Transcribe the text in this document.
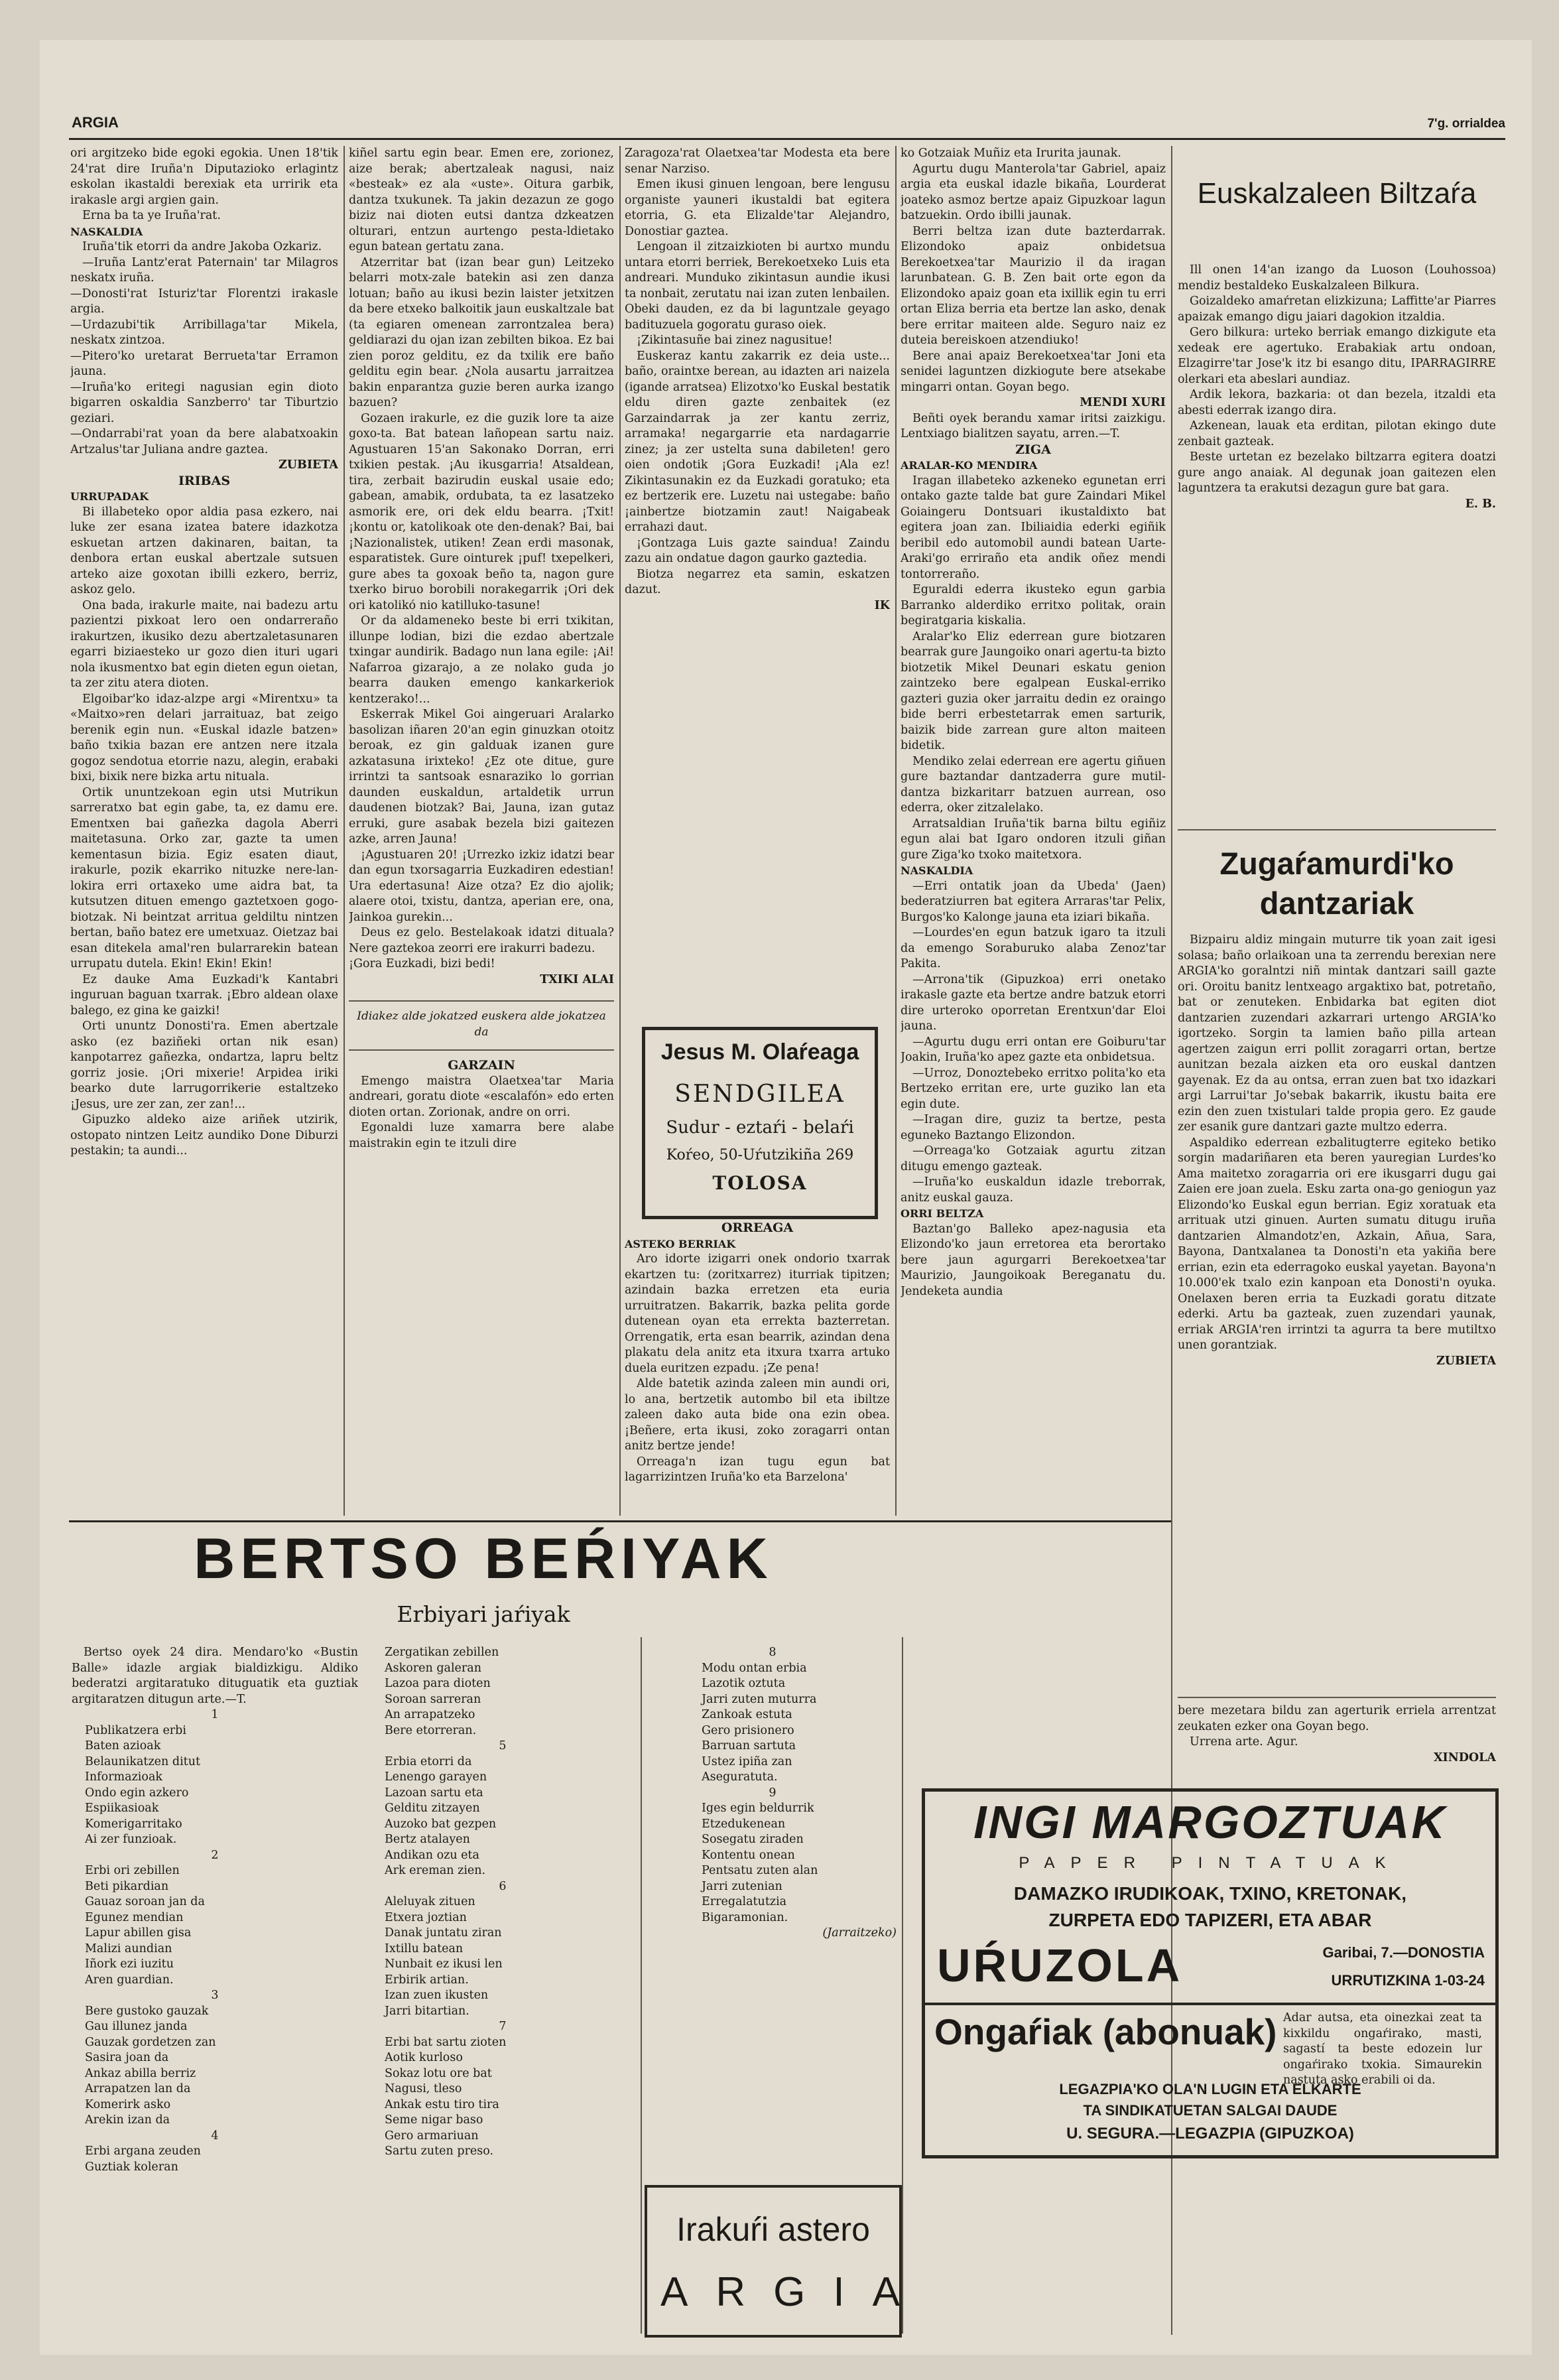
ARGIA	7'g. orrialdea

ori argitzeko bide egoki egokia. Unen 18'tik 24'rat dire Iruña'n Diputazioko erlagintz eskolan ikastaldi berexiak eta urririk eta irakasle argi argien gain.

Erna ba ta ye Iruña'rat.

NASKALDIA

Iruña'tik etorri da andre Jakoba Ozkariz.

—Iruña Lantz'erat Paternain' tar Milagros neskatx iruña.
—Donosti'rat Isturiz'tar Florentzi irakasle argia.
—Urdazubi'tik Arribillaga'tar Mikela, neskatx zintzoa.
—Pitero'ko uretarat Berrueta'tar Erramon jauna.
—Iruña'ko eritegi nagusian egin dioto bigarren oskaldia Sanzberro' tar Tiburtzio geziari.
—Ondarrabi'rat yoan da bere alabatxoakin Artzalus'tar Juliana andre gaztea.

ZUBIETA

IRIBAS

URRUPADAK

Bi illabeteko opor aldia pasa ezkero, nai luke zer esana izatea batere idazkotza eskuetan artzen dakinaren, baitan, ta denbora ertan euskal abertzale sutsuen arteko aize goxotan ibilli ezkero, berriz, askoz gelo.

Ona bada, irakurle maite, nai badezu artu pazientzi pixkoat lero oen ondarreraño irakurtzen, ikusiko dezu abertzaletasunaren egarri biziaesteko ur gozo dien ituri ugari nola ikusmentxo bat egin dieten egun oietan, ta zer zitu atera dioten.

Elgoibar'ko idaz-alzpe argi «Mirentxu» ta «Maitxo»ren delari jarraituaz, bat zeigo berenik egin nun. «Euskal idazle batzen» baño txikia bazan ere antzen nere itzala gogoz sendotua etorrie nazu, alegin, erabaki bixi, bixik nere bizka artu nituala.

Ortik ununtzekoan egin utsi Mutrikun sarreratxo bat egin gabe, ta, ez damu ere. Ementxen bai gañezka dagola Aberri maitetasuna. Orko zar, gazte ta umen kementasun bizia. Egiz esaten diaut, irakurle, pozik ekarriko nituzke nere-lan-lokira erri ortaxeko ume aidra bat, ta kutsutzen dituen emengo gaztetxoen gogo-biotzak. Ni beintzat arritua geldiltu nintzen bertan, baño batez ere umetxuaz. Oietzaz bai esan ditekela amal'ren bularrarekin batean urrupatu dutela. Ekin! Ekin! Ekin!

Ez dauke Ama Euzkadi'k Kantabri inguruan baguan txarrak. ¡Ebro aldean olaxe balego, ez gina ke gaizki!

Orti ununtz Donosti'ra. Emen abertzale asko (ez baziñeki ortan nik esan) kanpotarrez gañezka, ondartza, lapru beltz gorriz josie. ¡Ori mixerie! Arpidea iriki bearko dute larrugorrikerie estaltzeko ¡Jesus, ure zer zan, zer zan!...

Gipuzko aldeko aize ariñek utzirik, ostopato nintzen Leitz aundiko Done Diburzi pestakin; ta aundi...

kiñel sartu egin bear. Emen ere, zorionez, aize berak; abertzaleak nagusi, naiz «besteak» ez ala «uste». Oitura garbik, dantza txukunek. Ta jakin dezazun ze gogo biziz nai dioten eutsi dantza dzkeatzen olturari, entzun aurtengo pesta-ldietako egun batean gertatu zana.

Atzerritar bat (izan bear gun) Leitzeko belarri motx-zale batekin asi zen danza lotuan; baño au ikusi bezin laister jetxitzen da bere etxeko balkoitik jaun euskaltzale bat (ta egiaren omenean zarrontzalea bera) geldiarazi du ojan izan zebilten bikoa. Ez bai zien poroz gelditu, ez da txilik ere baño gelditu egin bear. ¿Nola ausartu jarraitzea bakin enparantza guzie beren aurka izango bazuen?

Gozaen irakurle, ez die guzik lore ta aize goxo-ta. Bat batean lañopean sartu naiz. Agustuaren 15'an Sakonako Dorran, erri txikien pestak. ¡Au ikusgarria! Atsaldean, tira, zerbait bazirudin euskal usaie edo; gabean, amabik, ordubata, ta ez lasatzeko asmorik ere, ori dek eldu bearra. ¡Txit! ¡kontu or, katolikoak ote den-denak? Bai, bai ¡Nazionalistek, utiken! Zean erdi masonak, esparatistek. Gure ointurek ¡puf! txepelkeri, gure abes ta goxoak beño ta, nagon gure txerko biruo borobili norakegarrik ¡Ori dek ori katolikó nio katilluko-tasune!

Or da aldameneko beste bi erri txikitan, illunpe lodian, bizi die ezdao abertzale txingar aundirik. Badago nun lana egile: ¡Ai! Nafarroa gizarajo, a ze nolako guda jo bearra dauken emengo kankarkeriok kentzerako!...

Eskerrak Mikel Goi aingeruari Aralarko basolizan iñaren 20'an egin ginuzkan otoitz beroak, ez gin galduak izanen gure azkatasuna irixteko! ¿Ez ote ditue, gure irrintzi ta santsoak esnaraziko lo gorrian daunden euskaldun, artaldetik urrun daudenen biotzak? Bai, Jauna, izan gutaz erruki, gure asabak bezela bizi gaitezen azke, arren Jauna!

¡Agustuaren 20! ¡Urrezko izkiz idatzi bear dan egun txorsagarria Euzkadiren edestian! Ura edertasuna! Aize otza? Ez dio ajolik; alaere otoi, txistu, dantza, aperian ere, ona, Jainkoa gurekin...

Deus ez gelo. Bestelakoak idatzi dituala? Nere gaztekoa zeorri ere irakurri badezu.
¡Gora Euzkadi, bizi bedi!

TXIKI ALAI

Idiakez alde jokatzed euskera alde jokatzea da

GARZAIN

Emengo maistra Olaetxea'tar Maria andreari, goratu diote «escalafón» edo erten dioten ortan. Zorionak, andre on orri.

Egonaldi luze xamarra bere alabe maistrakin egin te itzuli dire

Zaragoza'rat Olaetxea'tar Modesta eta bere senar Narziso.

Emen ikusi ginuen lengoan, bere lengusu organiste yauneri ikustaldi bat egitera etorria, G. eta Elizalde'tar Alejandro, Donostiar gaztea.

Lengoan il zitzaizkioten bi aurtxo mundu untara etorri berriek, Berekoetxeko Luis eta andreari. Munduko zikintasun aundie ikusi ta nonbait, zerutatu nai izan zuten lenbailen. Obeki dauden, ez da bi laguntzale geyago badituzuela gogoratu guraso oiek.

¡Zikintasuñe bai zinez nagusitue!

Euskeraz kantu zakarrik ez deia uste... baño, oraintxe berean, au idazten ari naizela (igande arratsea) Elizotxo'ko Euskal bestatik eldu diren gazte zenbaitek (ez Garzaindarrak ja zer kantu zerriz, arramaka! negargarrie eta nardagarrie zinez; ja zer ustelta suna dabileten! gero oien ondotik ¡Gora Euzkadi! ¡Ala ez! Zikintasunakin ez da Euzkadi goratuko; eta ez bertzerik ere. Luzetu nai ustegabe: baño ¡ainbertze biotzamin zaut! Naigabeak errahazi daut.

¡Gontzaga Luis gazte saindua! Zaindu zazu ain ondatue dagon gaurko gaztedia.

Biotza negarrez eta samin, eskatzen dazut.

IK

Jesus M. Olaŕeaga
SENDGILEA
Sudur - eztaŕi - belaŕi
Koŕeo, 50-Uŕutzikiña 269
TOLOSA

ORREAGA

ASTEKO BERRIAK

Aro idorte izigarri onek ondorio txarrak ekartzen tu: (zoritxarrez) iturriak tipitzen; azindain bazka erretzen eta euria urruitratzen. Bakarrik, bazka pelita gorde dutenean oyan eta errekta bazterretan. Orrengatik, erta esan bearrik, azindan dena plakatu dela anitz eta itxura txarra artuko duela euritzen ezpadu. ¡Ze pena!

Alde batetik azinda zaleen min aundi ori, lo ana, bertzetik autombo bil eta ibiltze zaleen dako auta bide ona ezin obea. ¡Beñere, erta ikusi, zoko zoragarri ontan anitz bertze jende!

Orreaga'n izan tugu egun bat lagarrizintzen Iruña'ko eta Barzelona'

ko Gotzaiak Muñiz eta Irurita jaunak.

Agurtu dugu Manterola'tar Gabriel, apaiz argia eta euskal idazle bikaña, Lourderat joateko asmoz bertze apaiz Gipuzkoar lagun batzuekin. Ordo ibilli jaunak.

Berri beltza izan dute bazterdarrak. Elizondoko apaiz onbidetsua Berekoetxea'tar Maurizio il da iragan larunbatean. G. B. Zen bait orte egon da Elizondoko apaiz goan eta ixillik egin tu erri ortan Eliza berria eta bertze lan asko, denak bere erritar maiteen alde. Seguro naiz ez duteia bereiskoen atzendiuko!

Bere anai apaiz Berekoetxea'tar Joni eta senidei laguntzen dizkiogute bere atsekabe mingarri ontan. Goyan bego.

MENDI XURI

Beñti oyek berandu xamar iritsi zaizkigu. Lentxiago bialitzen sayatu, arren.—T.

ZIGA

ARALAR-KO MENDIRA

Iragan illabeteko azkeneko egunetan erri ontako gazte talde bat gure Zaindari Mikel Goiaingeru Dontsuari ikustaldixto bat egitera joan zan. Ibiliaidia ederki egiñik beribil edo automobil aundi batean Uarte-Araki'go erriraño eta andik oñez mendi tontorreraño.

Eguraldi ederra ikusteko egun garbia Barranko alderdiko erritxo politak, orain begiratgaria kiskalia.

Aralar'ko Eliz ederrean gure biotzaren bearrak gure Jaungoiko onari agertu-ta bizto biotzetik Mikel Deunari eskatu genion zaintzeko bere egalpean Euskal-erriko gazteri guzia oker jarraitu dedin ez oraingo bide berri erbestetarrak emen sarturik, baizik bide zarrean gure alton maiteen bidetik.

Mendiko zelai ederrean ere agertu giñuen gure baztandar dantzaderra gure mutil-dantza bizkaritarr batzuen aurrean, oso ederra, oker zitzalelako.

Arratsaldian Iruña'tik barna biltu egiñiz egun alai bat Igaro ondoren itzuli giñan gure Ziga'ko txoko maitetxora.

NASKALDIA

—Erri ontatik joan da Ubeda' (Jaen) bederatziurren bat egitera Arraras'tar Pelix, Burgos'ko Kalonge jauna eta iziari bikaña.

—Lourdes'en egun batzuk igaro ta itzuli da emengo Soraburuko alaba Zenoz'tar Pakita.

—Arrona'tik (Gipuzkoa) erri onetako irakasle gazte eta bertze andre batzuk etorri dire urteroko oporretan Erentxun'dar Eloi jauna.

—Agurtu dugu erri ontan ere Goiburu'tar Joakin, Iruña'ko apez gazte eta onbidetsua.

—Urroz, Donoztebeko erritxo polita'ko eta Bertzeko erritan ere, urte guziko lan eta egin dute.

—Iragan dire, guziz ta bertze, pesta eguneko Baztango Elizondon.

—Orreaga'ko Gotzaiak agurtu zitzan ditugu emengo gazteak.

—Iruña'ko euskaldun idazle treborrak, anitz euskal gauza.

ORRI BELTZA

Baztan'go Balleko apez-nagusia eta Elizondo'ko jaun erretorea eta berortako bere jaun agurgarri Berekoetxea'tar Maurizio, Jaungoikoak Bereganatu du. Jendeketa aundia

Euskalzaleen Biltzaŕa

Ill onen 14'an izango da Luoson (Louhossoa) mendiz bestaldeko Euskalzaleen Bilkura.

Goizaldeko amaŕretan elizkizuna; Laffitte'ar Piarres apaizak emango digu jaiari dagokion itzaldia.

Gero bilkura: urteko berriak emango dizkigute eta xedeak ere agertuko. Erabakiak artu ondoan, Elzagirre'tar Jose'k itz bi esango ditu, IPARRAGIRRE olerkari eta abeslari aundiaz.

Ardik lekora, bazkaria: ot dan bezela, itzaldi eta abesti ederrak izango dira.

Azkenean, lauak eta erditan, pilotan ekingo dute zenbait gazteak.

Beste urtetan ez bezelako biltzarra egitera doatzi gure ango anaiak. Al degunak joan gaitezen elen laguntzera ta erakutsi dezagun gure bat gara.

E. B.

Zugaŕamurdi'ko dantzariak

Bizpairu aldiz mingain muturre tik yoan zait igesi solasa; baño orlaikoan una ta zerrendu berexian nere ARGIA'ko goralntzi niñ mintak dantzari saill gazte ori. Oroitu banitz lentxeago argaktixo bat, potretaño, bat or zenuteken. Enbidarka bat egiten diot dantzarien zuzendari azkarrari urtengo ARGIA'ko igortzeko. Sorgin ta lamien baño pilla artean agertzen zaigun erri pollit zoragarri ortan, bertze aunitzan bezala aizken eta oro euskal dantzen gayenak. Ez da au ontsa, erran zuen bat txo idazkari argi Larrui'tar Jo'sebak bakarrik, ikustu baita ere ezin den zuen txistulari talde propia gero. Ez gaude zer esanik gure dantzari gazte multzo ederra.

Aspaldiko ederrean ezbalitugterre egiteko betiko sorgin madariñaren eta beren yauregian Lurdes'ko Ama maitetxo zoragarria ori ere ikusgarri dugu gai Zaien ere joan zuela. Esku zarta ona-go geniogun yaz Elizondo'ko Euskal egun berrian. Egiz xoratuak eta arrituak utzi ginuen. Aurten sumatu ditugu iruña dantzarien Almandotz'en, Azkain, Añua, Sara, Bayona, Dantxalanea ta Donosti'n eta yakiña bere errian, ezin eta ederragoko euskal yayetan. Bayona'n 10.000'ek txalo ezin kanpoan eta Donosti'n oyuka. Onelaxen beren erria ta Euzkadi goratu ditzate ederki. Artu ba gazteak, zuen zuzendari yaunak, erriak ARGIA'ren irrintzi ta agurra ta bere mutiltxo unen gorantziak.

ZUBIETA

bere mezetara bildu zan agerturik erriela arrentzat zeukaten ezker ona Goyan bego.

Urrena arte. Agur.

XINDOLA

BERTSO BEŔIYAK
Erbiyari jaŕiyak

Bertso oyek 24 dira. Mendaro'ko «Bustin Balle» idazle argiak bialdizkigu. Aldiko bederatzi argitaratuko dituguatik eta guztiak argitaratzen ditugun arte.—T.

1

Publikatzera erbi
Baten azioak
Belaunikatzen ditut
Informazioak
Ondo egin azkero
Espiikasioak
Komerigarritako
Ai zer funzioak.

2

Erbi ori zebillen
Beti pikardian
Gauaz soroan jan da
Egunez mendian
Lapur abillen gisa
Malizi aundian
Iñork ezi iuzitu
Aren guardian.

3

Bere gustoko gauzak
Gau illunez janda
Gauzak gordetzen zan
Sasira joan da
Ankaz abilla berriz
Arrapatzen lan da
Komerirk asko
Arekin izan da

4

Erbi argana zeuden
Guztiak koleran

Zergatikan zebillen
Askoren galeran
Lazoa para dioten
Soroan sarreran
An arrapatzeko
Bere etorreran.

5

Erbia etorri da
Lenengo garayen
Lazoan sartu eta
Gelditu zitzayen
Auzoko bat gezpen
Bertz atalayen
Andikan ozu eta
Ark ereman zien.

6

Aleluyak zituen
Etxera joztian
Danak juntatu ziran
Ixtillu batean
Nunbait ez ikusi len
Erbirik artian.
Izan zuen ikusten
Jarri bitartian.

7

Erbi bat sartu zioten
Aotik kurloso
Sokaz lotu ore bat
Nagusi, tleso
Ankak estu tiro tira
Seme nigar baso
Gero armariuan
Sartu zuten preso.

8

Modu ontan erbia
Lazotik oztuta
Jarri zuten muturra
Zankoak estuta
Gero prisionero
Barruan sartuta
Ustez ipiña zan
Aseguratuta.

9

Iges egin beldurrik
Etzedukenean
Sosegatu ziraden
Kontentu onean
Pentsatu zuten alan
Jarri zutenian
Erregalatutzia
Bigaramonian.

(Jarraitzeko)

Irakuŕi astero
ARGIA
INGI MARGOZTUAK
PAPER PINTATUAK
DAMAZKO IRUDIKOAK, TXINO, KRETONAK,
ZURPETA EDO TAPIZERI, ETA ABAR
UŔUZOLA	Garibai, 7.—DONOSTIA
URRUTIZKINA 1-03-24
Ongaŕiak (abonuak) Adar autsa, eta oinezkai zeat ta kixkildu ongaŕirako, masti, sagastí ta beste edozein lur ongaŕirako txokia. Simaurekin nastuta asko erabili oi da.
LEGAZPIA'KO OLA'N LUGIN ETA ELKARTE
TA SINDIKATUETAN SALGAI DAUDE
U. SEGURA.—LEGAZPIA (GIPUZKOA)
